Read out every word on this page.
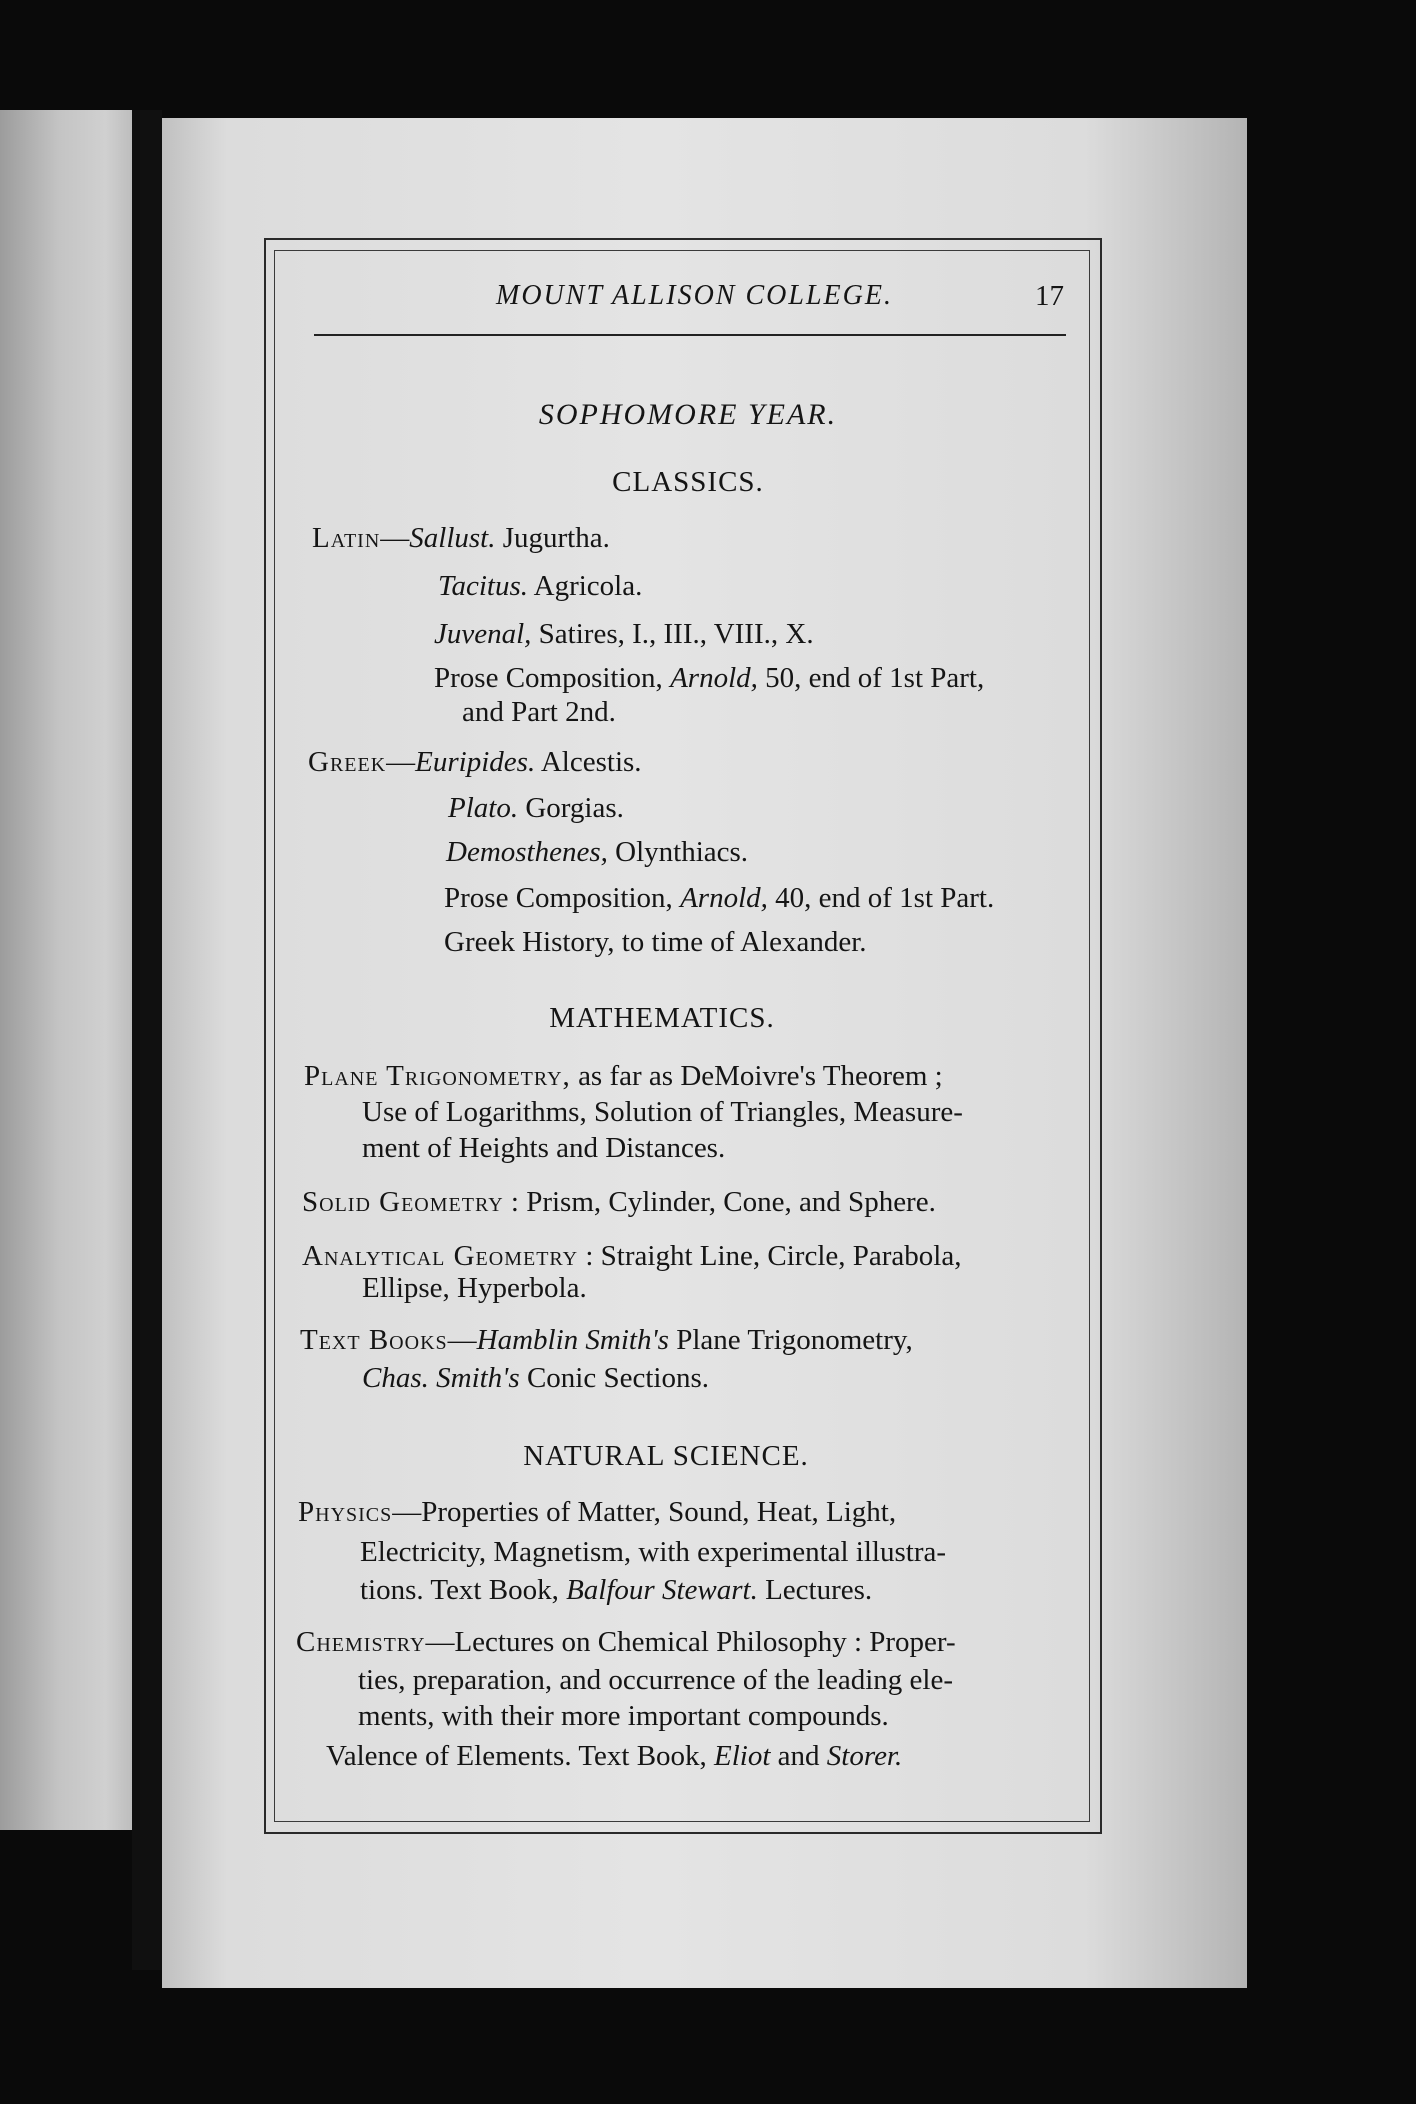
MOUNT ALLISON COLLEGE.	17
SOPHOMORE YEAR.
CLASSICS.
Latin—Sallust. Jugurtha.
Tacitus. Agricola.
Juvenal, Satires, I., III., VIII., X.
Prose Composition, Arnold, 50, end of 1st Part,
and Part 2nd.
Greek—Euripides. Alcestis.
Plato. Gorgias.
Demosthenes, Olynthiacs.
Prose Composition, Arnold, 40, end of 1st Part.
Greek History, to time of Alexander.
MATHEMATICS.
Plane Trigonometry, as far as DeMoivre's Theorem ;
Use of Logarithms, Solution of Triangles, Measure-
ment of Heights and Distances.
Solid Geometry : Prism, Cylinder, Cone, and Sphere.
Analytical Geometry : Straight Line, Circle, Parabola,
Ellipse, Hyperbola.
Text Books—Hamblin Smith's Plane Trigonometry,
Chas. Smith's Conic Sections.
NATURAL SCIENCE.
Physics—Properties of Matter, Sound, Heat, Light,
Electricity, Magnetism, with experimental illustra-
tions. Text Book, Balfour Stewart. Lectures.
Chemistry—Lectures on Chemical Philosophy : Proper-
ties, preparation, and occurrence of the leading ele-
ments, with their more important compounds.
Valence of Elements. Text Book, Eliot and Storer.
